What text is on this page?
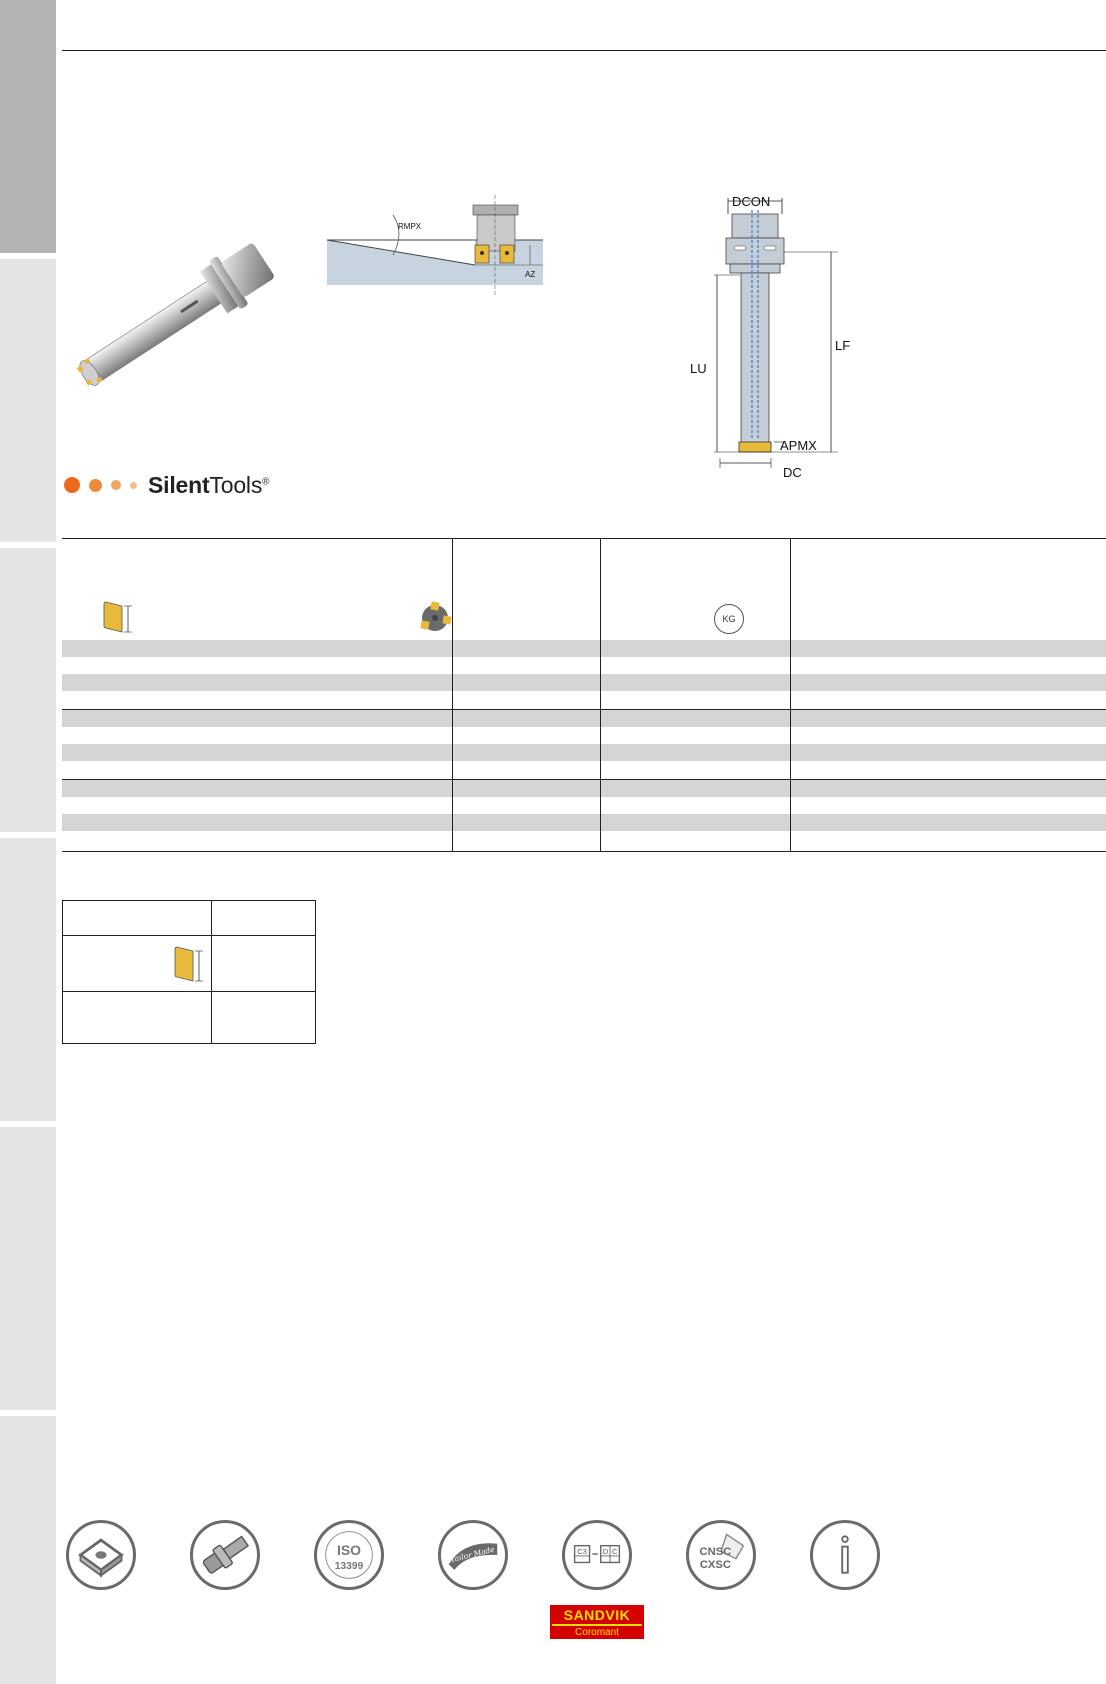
RMPX
AZ
DCON
LF
LU
APMX
DC
SilentTools®
KG
ISO
13399
Tailor Made	C3 D C	CNSC
CXSC
SANDVIK
Coromant
